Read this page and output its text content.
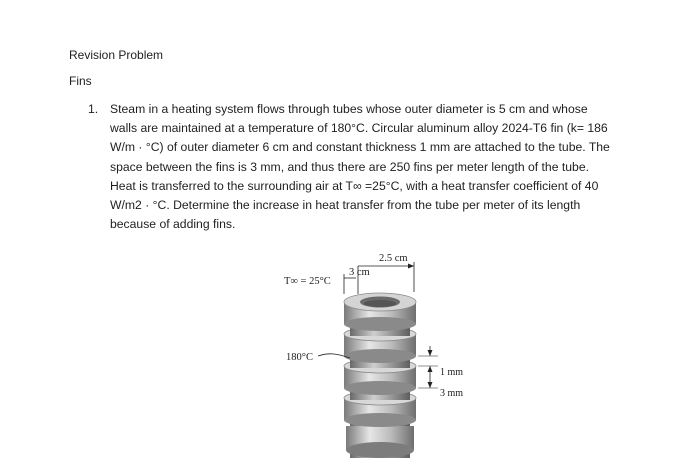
Revision Problem
Fins
1. Steam in a heating system flows through tubes whose outer diameter is 5 cm and whose walls are maintained at a temperature of 180°C. Circular aluminum alloy 2024-T6 fin (k= 186 W/m · °C) of outer diameter 6 cm and constant thickness 1 mm are attached to the tube. The space between the fins is 3 mm, and thus there are 250 fins per meter length of the tube. Heat is transferred to the surrounding air at T∞ =25°C, with a heat transfer coefficient of 40 W/m2 · °C. Determine the increase in heat transfer from the tube per meter of its length because of adding fins.
3 cm
2.5 cm
T∞ = 25°C
180°C
1 mm
3 mm
